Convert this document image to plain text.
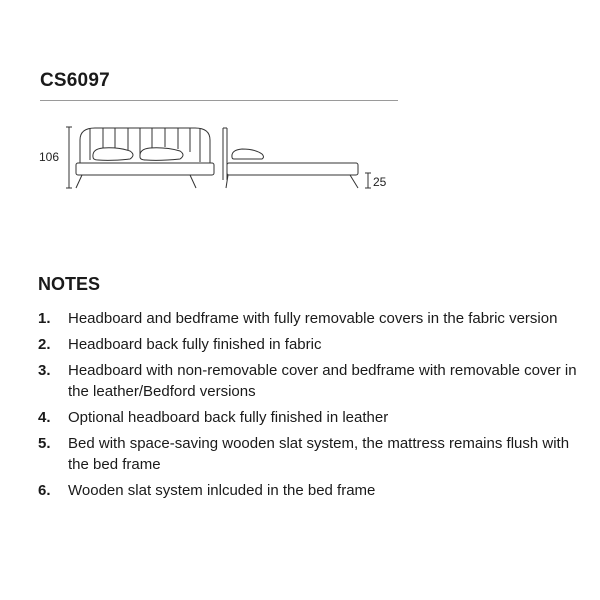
CS6097
106
25
NOTES
1.	Headboard and bedframe with fully removable covers in the fabric version
2.	Headboard back fully finished in fabric
3.	Headboard with non-removable cover and bedframe with removable cover in the leather/Bedford versions
4.	Optional headboard back fully finished in leather
5.	Bed with space-saving wooden slat system, the mattress remains flush with the bed frame
6.	Wooden slat system inlcuded in the bed frame
